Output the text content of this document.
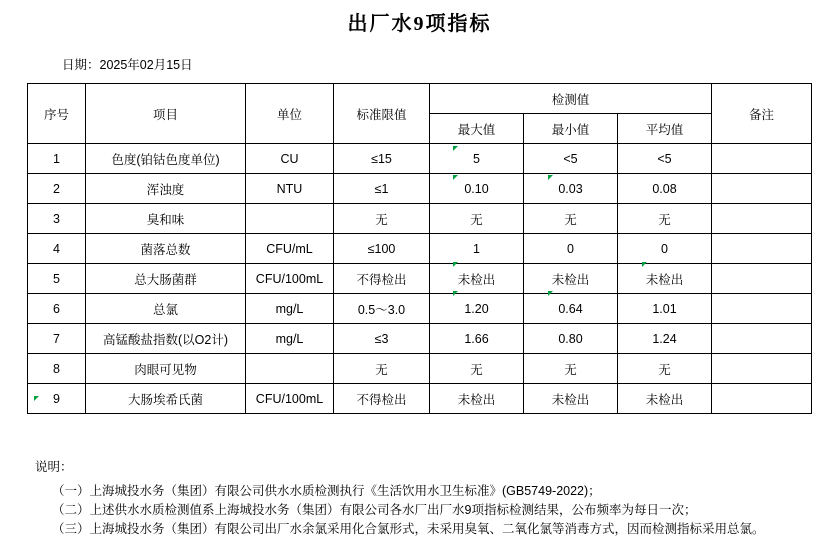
出厂水9项指标
日期：2025年02月15日
序号	项目	单位	标准限值	检测值			备注
				最大值	最小值	平均值	
1	色度(铂钴色度单位)	CU	≤15	5	<5	<5	
2	浑浊度	NTU	≤1	0.10	0.03	0.08	
3	臭和味		无	无	无	无	
4	菌落总数	CFU/mL	≤100	1	0	0	
5	总大肠菌群	CFU/100mL	不得检出	未检出	未检出	未检出	
6	总氯	mg/L	0.5～3.0	1.20	0.64	1.01	
7	高锰酸盐指数(以O2计)	mg/L	≤3	1.66	0.80	1.24	
8	肉眼可见物		无	无	无	无	
9	大肠埃希氏菌	CFU/100mL	不得检出	未检出	未检出	未检出	
说明：
（一）上海城投水务（集团）有限公司供水水质检测执行《生活饮用水卫生标准》(GB5749-2022)；
（二）上述供水水质检测值系上海城投水务（集团）有限公司各水厂出厂水9项指标检测结果，公布频率为每日一次；
（三）上海城投水务（集团）有限公司出厂水余氯采用化合氯形式，未采用臭氧、二氧化氯等消毒方式，因而检测指标采用总氯。
